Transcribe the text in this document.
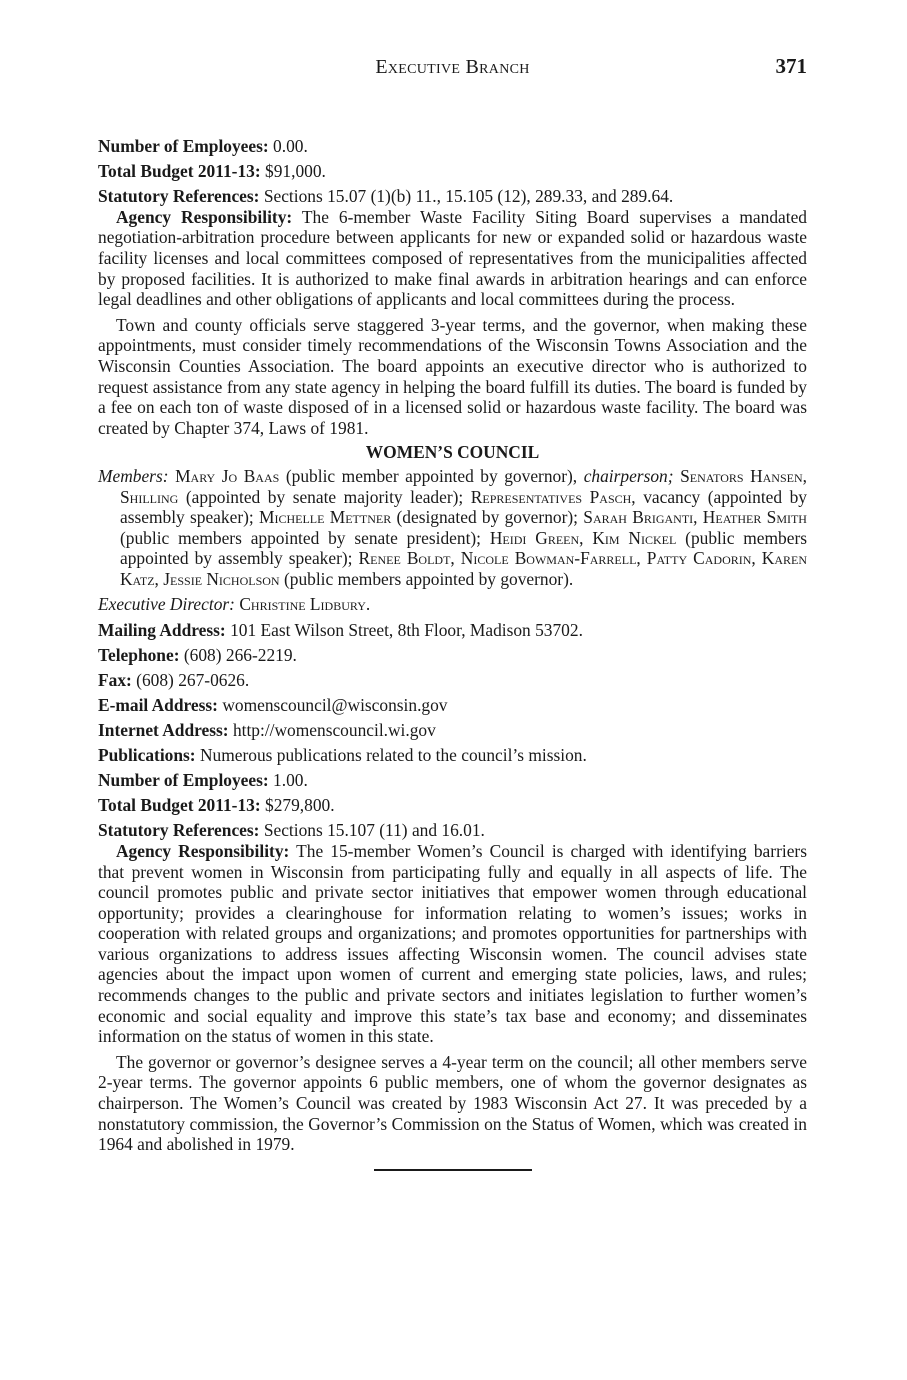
Executive Branch	371

Number of Employees: 0.00.

Total Budget 2011-13: $91,000.

Statutory References: Sections 15.07 (1)(b) 11., 15.105 (12), 289.33, and 289.64.

Agency Responsibility: The 6-member Waste Facility Siting Board supervises a mandated negotiation-arbitration procedure between applicants for new or expanded solid or hazardous waste facility licenses and local committees composed of representatives from the municipalities affected by proposed facilities. It is authorized to make final awards in arbitration hearings and can enforce legal deadlines and other obligations of applicants and local committees during the process.

Town and county officials serve staggered 3-year terms, and the governor, when making these appointments, must consider timely recommendations of the Wisconsin Towns Association and the Wisconsin Counties Association. The board appoints an executive director who is authorized to request assistance from any state agency in helping the board fulfill its duties. The board is funded by a fee on each ton of waste disposed of in a licensed solid or hazardous waste facility. The board was created by Chapter 374, Laws of 1981.

WOMEN’S COUNCIL

Members: Mary Jo Baas (public member appointed by governor), chairperson; Senators Hansen, Shilling (appointed by senate majority leader); Representatives Pasch, vacancy (appointed by assembly speaker); Michelle Mettner (designated by governor); Sarah Briganti, Heather Smith (public members appointed by senate president); Heidi Green, Kim Nickel (public members appointed by assembly speaker); Renee Boldt, Nicole Bowman-Farrell, Patty Cadorin, Karen Katz, Jessie Nicholson (public members appointed by governor).

Executive Director: Christine Lidbury.

Mailing Address: 101 East Wilson Street, 8th Floor, Madison 53702.

Telephone: (608) 266-2219.

Fax: (608) 267-0626.

E-mail Address: womenscouncil@wisconsin.gov

Internet Address: http://womenscouncil.wi.gov

Publications: Numerous publications related to the council’s mission.

Number of Employees: 1.00.

Total Budget 2011-13: $279,800.

Statutory References: Sections 15.107 (11) and 16.01.

Agency Responsibility: The 15-member Women’s Council is charged with identifying barriers that prevent women in Wisconsin from participating fully and equally in all aspects of life. The council promotes public and private sector initiatives that empower women through educational opportunity; provides a clearinghouse for information relating to women’s issues; works in cooperation with related groups and organizations; and promotes opportunities for partnerships with various organizations to address issues affecting Wisconsin women. The council advises state agencies about the impact upon women of current and emerging state policies, laws, and rules; recommends changes to the public and private sectors and initiates legislation to further women’s economic and social equality and improve this state’s tax base and economy; and disseminates information on the status of women in this state.

The governor or governor’s designee serves a 4-year term on the council; all other members serve 2-year terms. The governor appoints 6 public members, one of whom the governor designates as chairperson. The Women’s Council was created by 1983 Wisconsin Act 27. It was preceded by a nonstatutory commission, the Governor’s Commission on the Status of Women, which was created in 1964 and abolished in 1979.
